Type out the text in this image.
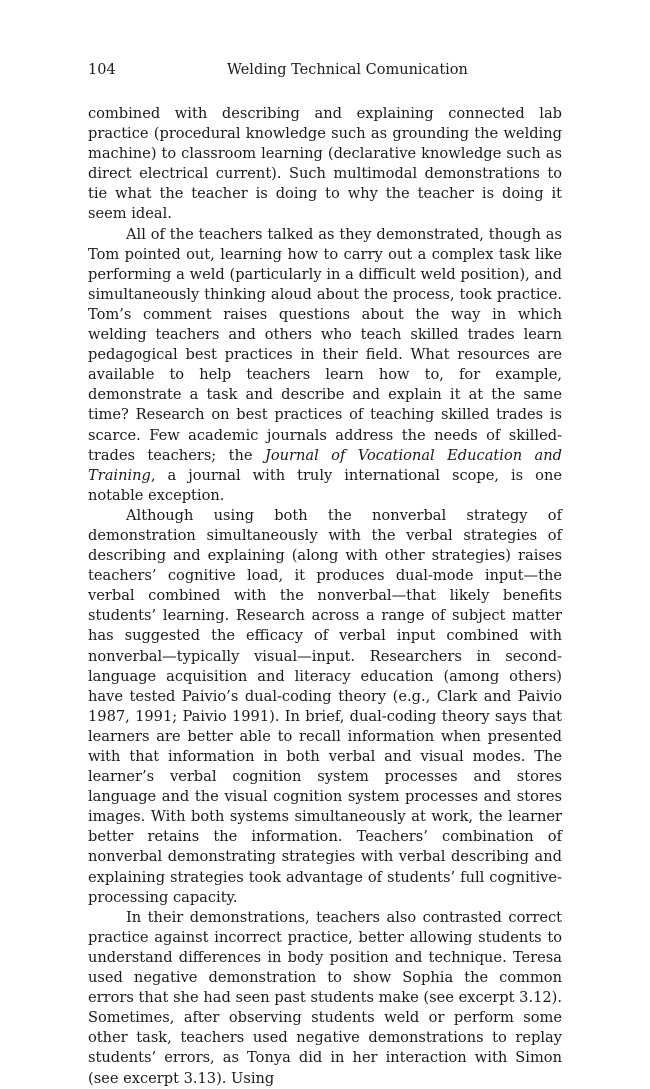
104	Welding Technical Comunication

combined with describing and explaining connected lab practice (procedural knowledge such as grounding the welding machine) to classroom learning (declarative knowledge such as direct electrical current). Such multimodal demonstrations to tie what the teacher is doing to why the teacher is doing it seem ideal.

All of the teachers talked as they demonstrated, though as Tom pointed out, learning how to carry out a complex task like performing a weld (particularly in a difficult weld position), and simultaneously thinking aloud about the process, took practice. Tom’s comment raises questions about the way in which welding teachers and others who teach skilled trades learn pedagogical best practices in their field. What resources are available to help teachers learn how to, for example, demonstrate a task and describe and explain it at the same time? Research on best practices of teaching skilled trades is scarce. Few academic journals address the needs of skilled-trades teachers; the Journal of Vocational Education and Training, a journal with truly international scope, is one notable exception.

Although using both the nonverbal strategy of demonstration simultaneously with the verbal strategies of describing and explaining (along with other strategies) raises teachers’ cognitive load, it produces dual-mode input—the verbal combined with the nonverbal—that likely benefits students’ learning. Research across a range of subject matter has suggested the efficacy of verbal input combined with nonverbal—typically visual—input. Researchers in second-language acquisition and literacy education (among others) have tested Paivio’s dual-coding theory (e.g., Clark and Paivio 1987, 1991; Paivio 1991). In brief, dual-coding theory says that learners are better able to recall information when presented with that information in both verbal and visual modes. The learner’s verbal cognition system processes and stores language and the visual cognition system processes and stores images. With both systems simultaneously at work, the learner better retains the information. Teachers’ combination of nonverbal demonstrating strategies with verbal describing and explaining strategies took advantage of students’ full cognitive-processing capacity.

In their demonstrations, teachers also contrasted correct practice against incorrect practice, better allowing students to understand differences in body position and technique. Teresa used negative demonstration to show Sophia the common errors that she had seen past students make (see excerpt 3.12). Sometimes, after observing students weld or perform some other task, teachers used negative demonstrations to replay students’ errors, as Tonya did in her interaction with Simon (see excerpt 3.13). Using
